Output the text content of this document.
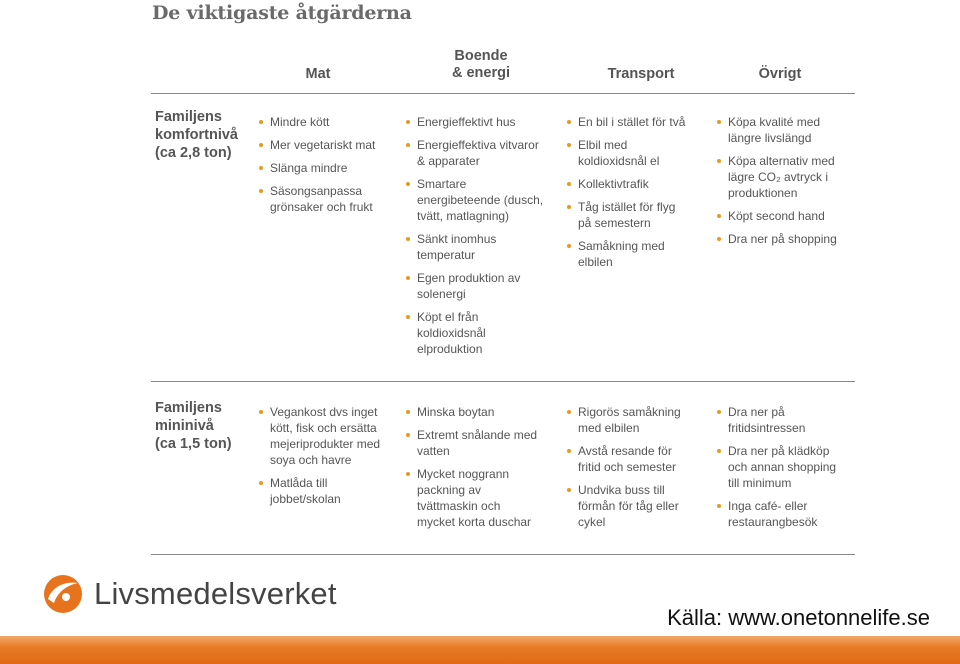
De viktigaste åtgärderna
Mat
Boende
& energi	Transport	Övrigt
Familjens
komfortnivå
(ca 2,8 ton)
Mindre kött
Mer vegetariskt mat
Slänga mindre
Säsongsanpassa
grönsaker och frukt
Energieffektivt hus
Energieffektiva vitvaror
& apparater
Smartare
energibeteende (dusch,
tvätt, matlagning)
Sänkt inomhus
temperatur
Egen produktion av
solenergi
Köpt el från
koldioxidsnål
elproduktion
En bil i stället för två
Elbil med
koldioxidsnål el
Kollektivtrafik
Tåg istället för flyg
på semestern
Samåkning med
elbilen
Köpa kvalité med
längre livslängd
Köpa alternativ med
lägre CO₂ avtryck i
produktionen
Köpt second hand
Dra ner på shopping
Familjens
mininivå
(ca 1,5 ton)
Vegankost dvs inget
kött, fisk och ersätta
mejeriprodukter med
soya och havre
Matlåda till
jobbet/skolan
Minska boytan
Extremt snålande med
vatten
Mycket noggrann
packning av
tvättmaskin och
mycket korta duschar
Rigorös samåkning
med elbilen
Avstå resande för
fritid och semester
Undvika buss till
förmån för tåg eller
cykel
Dra ner på
fritidsintressen
Dra ner på klädköp
och annan shopping
till minimum
Inga café- eller
restaurangbesök
Livsmedelsverket
Källa: www.onetonnelife.se
